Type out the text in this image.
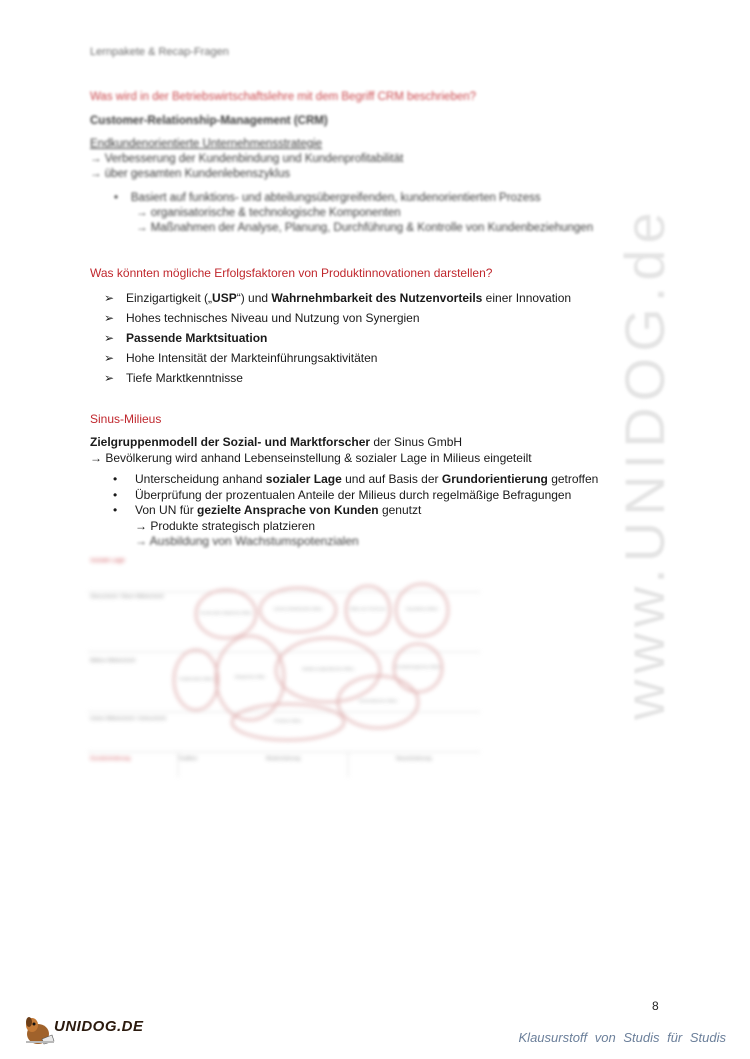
Lernpakete & Recap-Fragen
Was wird in der Betriebswirtschaftslehre mit dem Begriff CRM beschrieben?
Customer-Relationship-Management (CRM)
Endkundenorientierte Unternehmensstrategie
→ Verbesserung der Kundenbindung und Kundenprofitabilität
→ über gesamten Kundenlebenszyklus
•    Basiert auf funktions- und abteilungsübergreifenden, kundenorientierten Prozess
→ organisatorische & technologische Komponenten
→ Maßnahmen der Analyse, Planung, Durchführung & Kontrolle von Kundenbeziehungen
Was könnten mögliche Erfolgsfaktoren von Produktinnovationen darstellen?
➢ Einzigartigkeit („USP“) und Wahrnehmbarkeit des Nutzenvorteils einer Innovation
➢ Hohes technisches Niveau und Nutzung von Synergien
➢ Passende Marktsituation
➢ Hohe Intensität der Markteinführungsaktivitäten
➢ Tiefe Marktkenntnisse
Sinus-Milieus
Zielgruppenmodell der Sozial- und Marktforscher der Sinus GmbH
→ Bevölkerung wird anhand Lebenseinstellung & sozialer Lage in Milieus eingeteilt
• Unterscheidung anhand sozialer Lage und auf Basis der Grundorientierung getroffen
• Überprüfung der prozentualen Anteile der Milieus durch regelmäßige Befragungen
• Von UN für gezielte Ansprache von Kunden genutzt
→ Produkte strategisch platzieren
→ Ausbildung von Wachstumspotenzialen
Soziale Lage
Oberschicht / Obere Mittelschicht
Mittlere Mittelschicht
Untere Mittelschicht / Unterschicht
Grundorientierung	Tradition	Modernisierung	Neuorientierung
Konservativ-etabliertes Milieu
Liberal-intellektuelles Milieu	Milieu der Performer	Expeditives Milieu
Traditionelles Milieu	Bürgerliche Mitte
Adaptiv-pragmatisches Milieu	Sozialökologisches Milieu
Hedonistisches Milieu
Prekäres Milieu
www.UNIDOG.de
8
UNIDOG.DE
Klausurstoff von Studis für Studis
